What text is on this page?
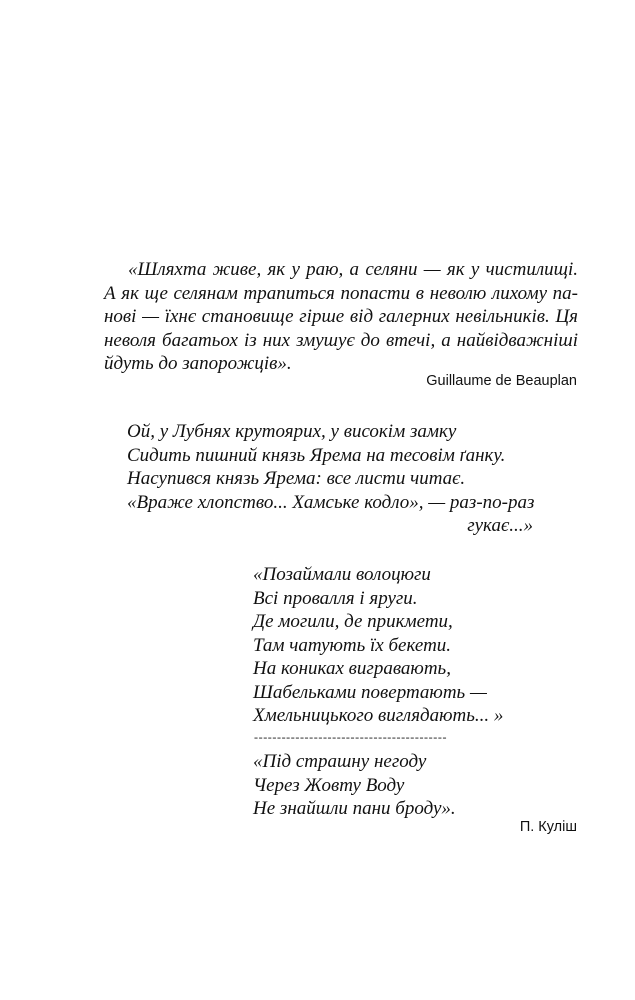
«Шляхта живе, як у раю, а селяни — як у чистилищі.
А як ще селянам трапиться попасти в неволю лихому па-
нові — їхнє становище гірше від галерних невільників. Ця
неволя багатьох із них змушує до втечі, а найвідважніші
йдуть до запорожців».
Guillaume de Beauplan
Ой, у Лубнях крутоярих, у високім замку
Сидить пишний князь Ярема на тесовім ґанку.
Насупився князь Ярема: все листи читає.
«Враже хлопство... Хамське кодло», — раз-по-раз
гукає...»
«Позаймали волоцюги
Всі провалля і яруги.
Де могили, де прикмети,
Там чатують їх бекети.
На кониках вигравають,
Шабельками повертають —
Хмельницького виглядають... »
------------------------------------------
«Під страшну негоду
Через Жовту Воду
Не знайшли пани броду».
П. Куліш
